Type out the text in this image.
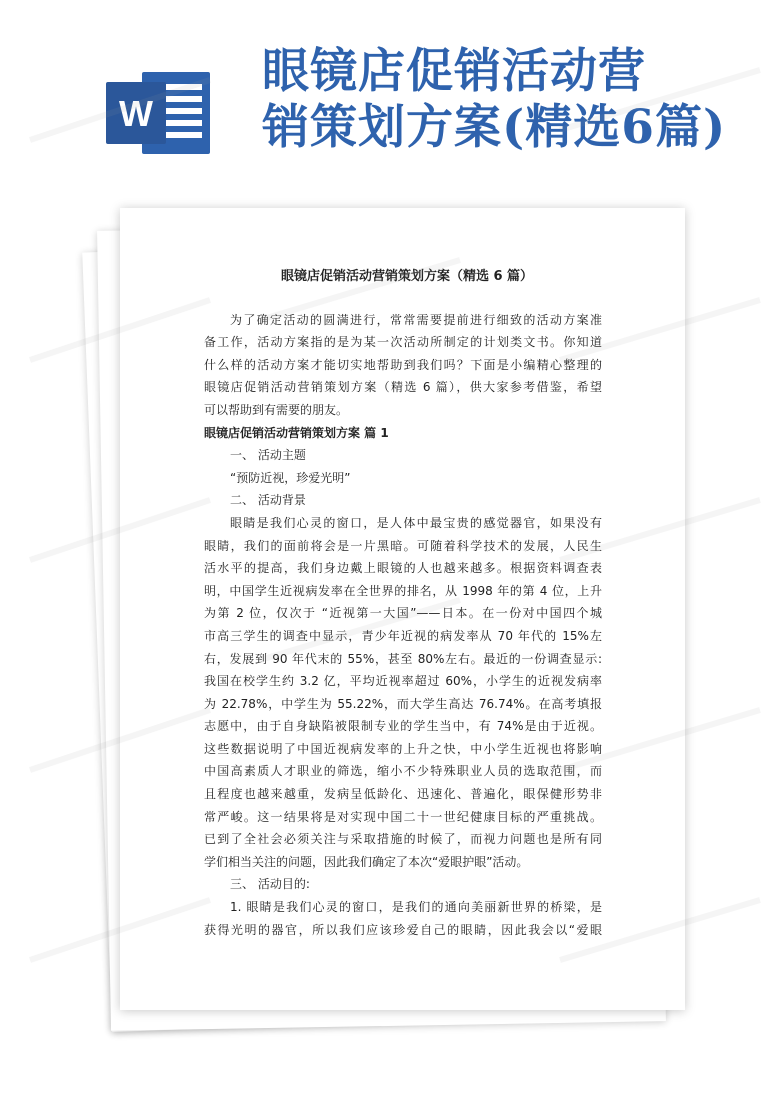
W
眼镜店促销活动营
销策划方案(精选6篇)
眼镜店促销活动营销策划方案（精选 6 篇）
为了确定活动的圆满进行，常常需要提前进行细致的活动方案准
备工作，活动方案指的是为某一次活动所制定的计划类文书。你知道
什么样的活动方案才能切实地帮助到我们吗？下面是小编精心整理的
眼镜店促销活动营销策划方案（精选 6 篇），供大家参考借鉴，希望
可以帮助到有需要的朋友。
眼镜店促销活动营销策划方案 篇 1
一、 活动主题
“预防近视，珍爱光明”
二、 活动背景
眼睛是我们心灵的窗口，是人体中最宝贵的感觉器官，如果没有
眼睛，我们的面前将会是一片黑暗。可随着科学技术的发展，人民生
活水平的提高，我们身边戴上眼镜的人也越来越多。根据资料调查表
明，中国学生近视病发率在全世界的排名，从 1998 年的第 4 位，上升
为第 2 位，仅次于 “近视第一大国”——日本。在一份对中国四个城
市高三学生的调查中显示，青少年近视的病发率从 70 年代的 15%左
右，发展到 90 年代末的 55%，甚至 80%左右。最近的一份调查显示:
我国在校学生约 3.2 亿，平均近视率超过 60%，小学生的近视发病率
为 22.78%，中学生为 55.22%，而大学生高达 76.74%。在高考填报
志愿中，由于自身缺陷被限制专业的学生当中，有 74%是由于近视。
这些数据说明了中国近视病发率的上升之快，中小学生近视也将影响
中国高素质人才职业的筛选，缩小不少特殊职业人员的选取范围，而
且程度也越来越重，发病呈低龄化、迅速化、普遍化，眼保健形势非
常严峻。这一结果将是对实现中国二十一世纪健康目标的严重挑战。
已到了全社会必须关注与采取措施的时候了，而视力问题也是所有同
学们相当关注的问题，因此我们确定了本次“爱眼护眼”活动。
三、 活动目的:
1. 眼睛是我们心灵的窗口，是我们的通向美丽新世界的桥梁，是
获得光明的器官，所以我们应该珍爱自己的眼睛，因此我会以“爱眼
